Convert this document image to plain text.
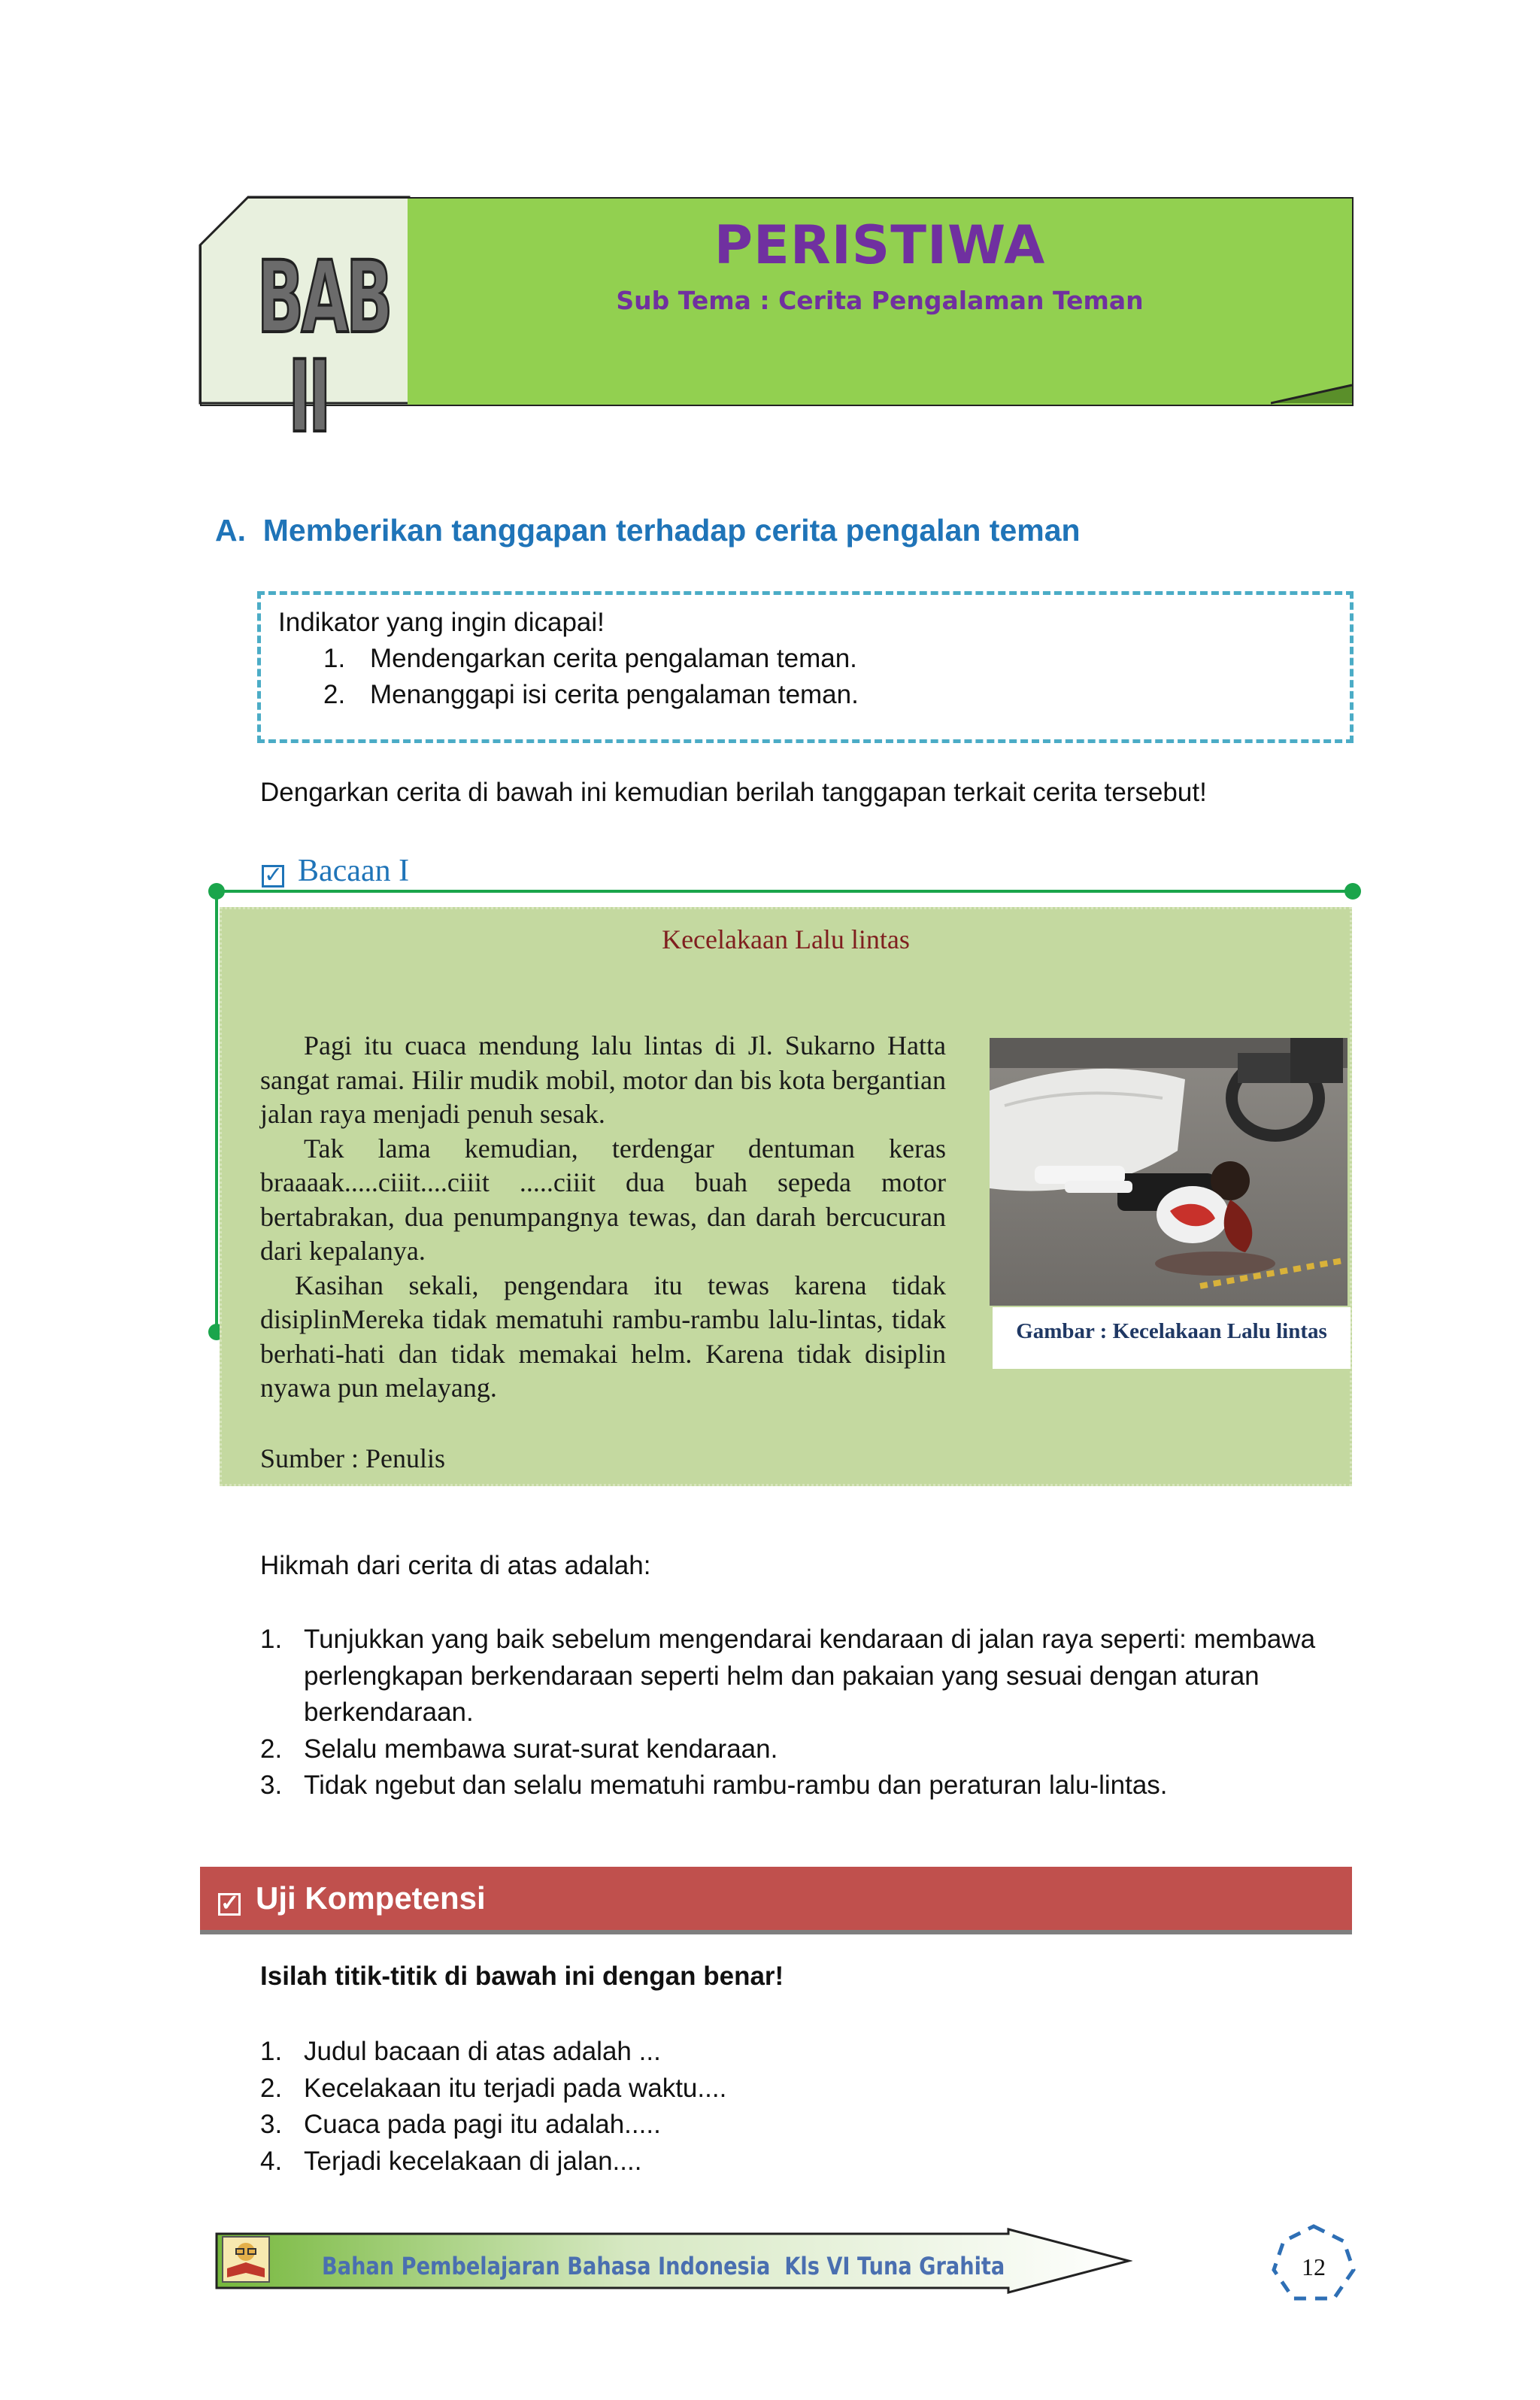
BAB II
PERISTIWA
Sub Tema : Cerita Pengalaman Teman
A.  Memberikan tanggapan terhadap cerita pengalan teman
Indikator yang ingin dicapai!
1. Mendengarkan cerita pengalaman teman.
2. Menanggapi isi cerita pengalaman teman.
Dengarkan cerita di bawah ini kemudian berilah tanggapan terkait cerita tersebut!
✓ Bacaan I
Kecelakaan Lalu lintas

Pagi itu cuaca mendung lalu lintas di Jl. Sukarno Hatta sangat ramai. Hilir mudik mobil, motor dan bis kota bergantian jalan raya menjadi penuh sesak.

Tak lama kemudian, terdengar dentuman keras braaaak.....ciiit....ciiit .....ciiit dua buah sepeda motor bertabrakan, dua penumpangnya tewas, dan darah bercucuran dari kepalanya.

Kasihan sekali, pengendara itu tewas karena tidak disiplinMereka tidak mematuhi rambu-rambu lalu-lintas, tidak berhati-hati dan tidak memakai helm. Karena tidak disiplin nyawa pun melayang.

Sumber : Penulis
Gambar : Kecelakaan Lalu lintas
Hikmah dari cerita di atas adalah:
1. Tunjukkan yang baik sebelum mengendarai kendaraan di jalan raya seperti: membawa perlengkapan berkendaraan seperti helm dan pakaian yang sesuai dengan aturan berkendaraan.
2. Selalu membawa surat-surat kendaraan.
3. Tidak ngebut dan selalu mematuhi rambu-rambu dan peraturan lalu-lintas.
✓ Uji Kompetensi
Isilah titik-titik di bawah ini dengan benar!
1. Judul bacaan di atas adalah ...
2. Kecelakaan itu terjadi pada waktu....
3. Cuaca pada pagi itu adalah.....
4. Terjadi kecelakaan di jalan....
Bahan Pembelajaran Bahasa Indonesia  Kls VI Tuna Grahita	12
